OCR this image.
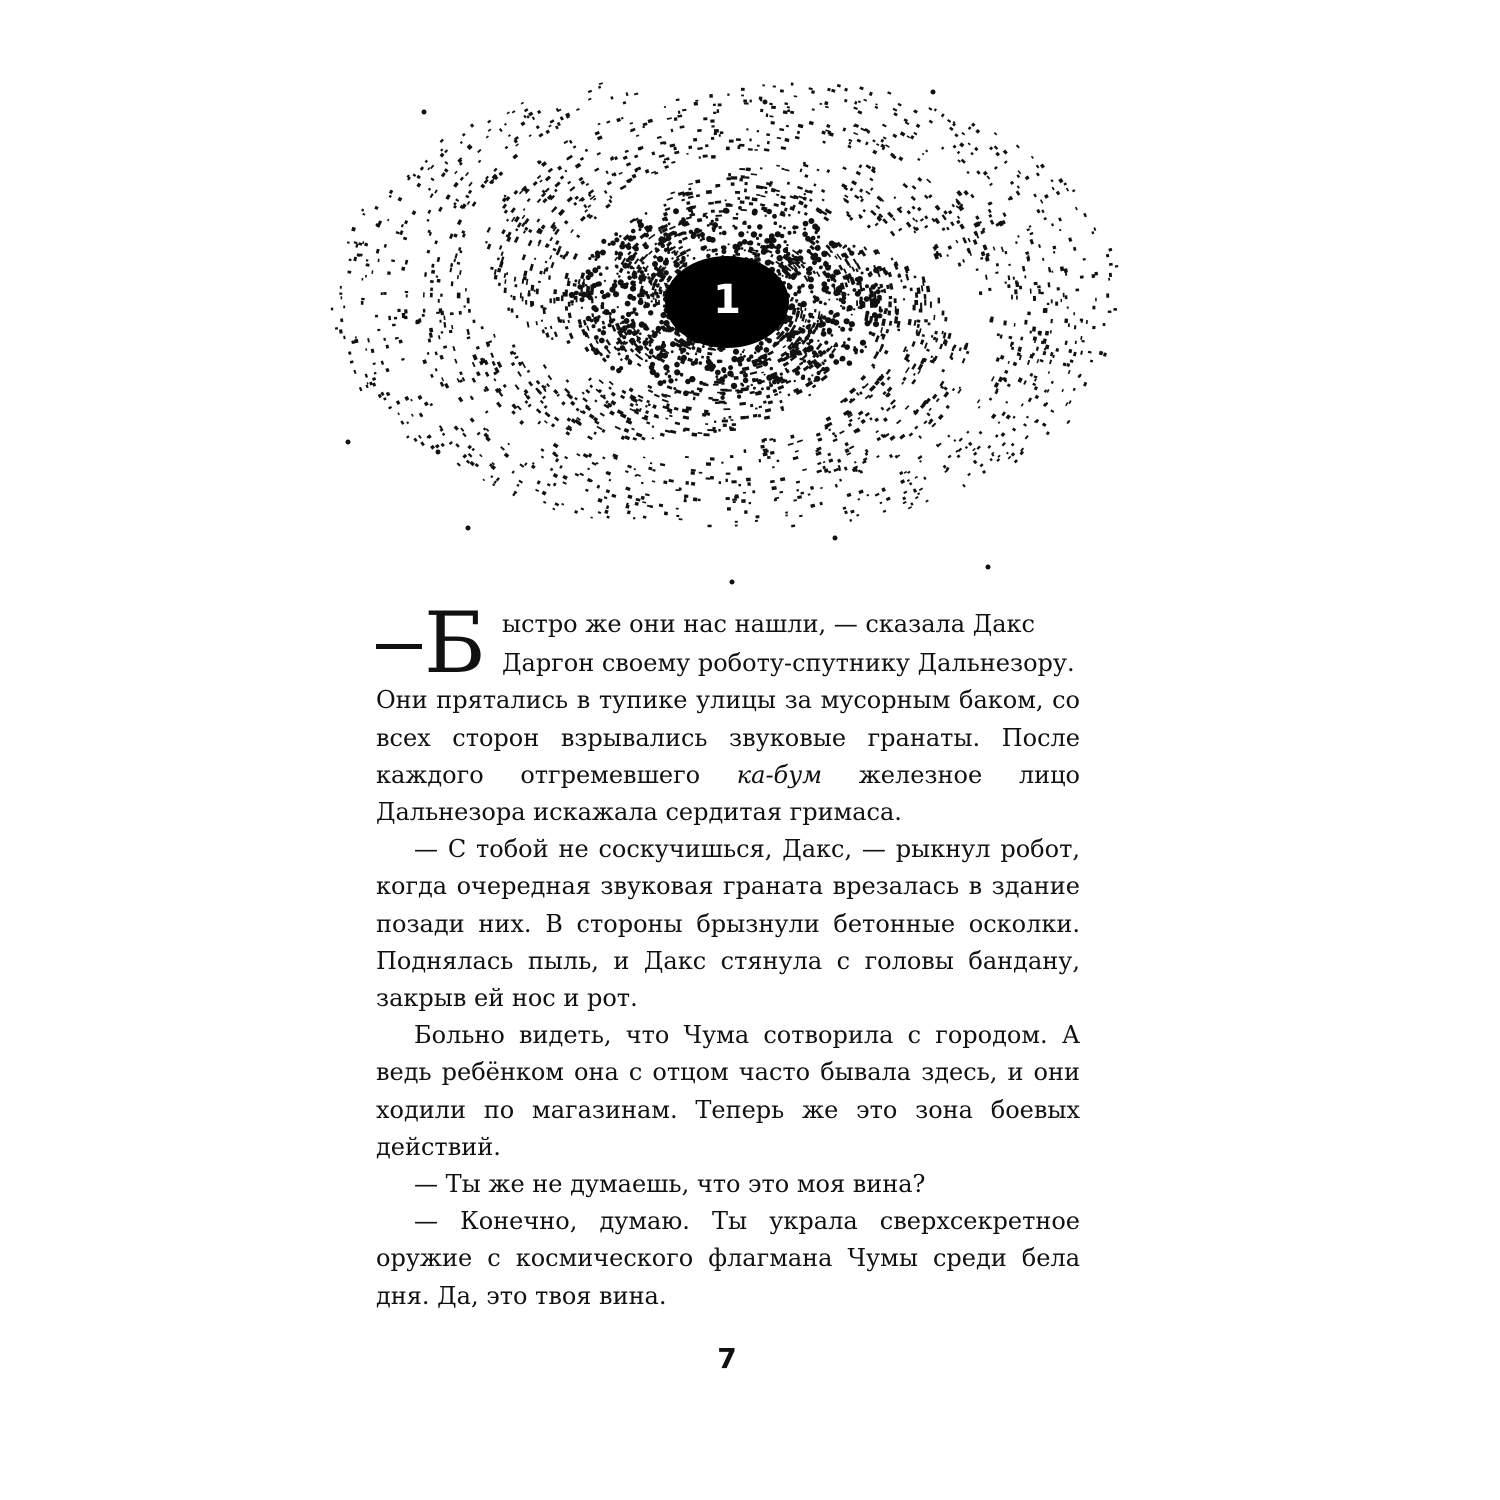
1

Б ыстро же они нас нашли, — сказала Дакс
Даргон своему роботу-спутнику Дальнезору.
Они прятались в тупике улицы за мусорным баком, со всех сторон взрывались звуковые гранаты. После каждого отгремевшего ка-бум железное лицо Дальнезора искажала сердитая гримаса.

— С тобой не соскучишься, Дакс, — рыкнул робот, когда очередная звуковая граната врезалась в здание позади них. В стороны брызнули бетонные осколки. Поднялась пыль, и Дакс стянула с головы бандану, закрыв ей нос и рот.

Больно видеть, что Чума сотворила с городом. А ведь ребёнком она с отцом часто бывала здесь, и они ходили по магазинам. Теперь же это зона боевых действий.

— Ты же не думаешь, что это моя вина?

— Конечно, думаю. Ты украла сверхсекретное оружие с космического флагмана Чумы среди бела дня. Да, это твоя вина.

7
